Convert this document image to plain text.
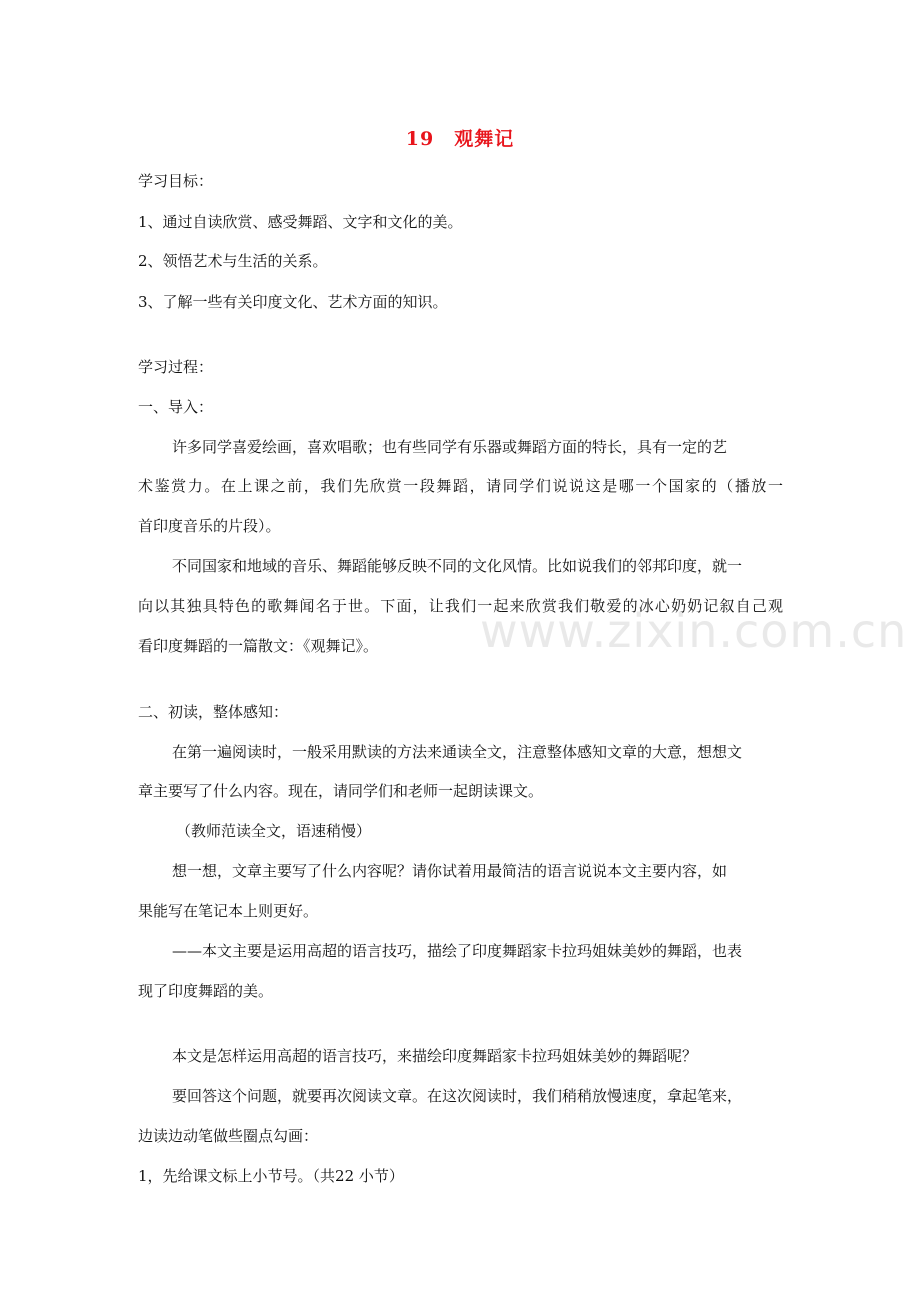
www.zixin.com.cn
19　观舞记
学习目标：
1、通过自读欣赏、感受舞蹈、文字和文化的美。
2、领悟艺术与生活的关系。
3、了解一些有关印度文化、艺术方面的知识。
学习过程：
一、导入：
许多同学喜爱绘画，喜欢唱歌；也有些同学有乐器或舞蹈方面的特长，具有一定的艺
术鉴赏力。在上课之前，我们先欣赏一段舞蹈，请同学们说说这是哪一个国家的（播放一
首印度音乐的片段）。
不同国家和地域的音乐、舞蹈能够反映不同的文化风情。比如说我们的邻邦印度，就一
向以其独具特色的歌舞闻名于世。下面，让我们一起来欣赏我们敬爱的冰心奶奶记叙自己观
看印度舞蹈的一篇散文：《观舞记》。
二、初读，整体感知：
在第一遍阅读时，一般采用默读的方法来通读全文，注意整体感知文章的大意，想想文
章主要写了什么内容。现在，请同学们和老师一起朗读课文。
（教师范读全文，语速稍慢）
想一想，文章主要写了什么内容呢？请你试着用最简洁的语言说说本文主要内容，如
果能写在笔记本上则更好。
——本文主要是运用高超的语言技巧，描绘了印度舞蹈家卡拉玛姐妹美妙的舞蹈，也表
现了印度舞蹈的美。
本文是怎样运用高超的语言技巧，来描绘印度舞蹈家卡拉玛姐妹美妙的舞蹈呢？
要回答这个问题，就要再次阅读文章。在这次阅读时，我们稍稍放慢速度，拿起笔来，
边读边动笔做些圈点勾画：
1，先给课文标上小节号。（共22 小节）
